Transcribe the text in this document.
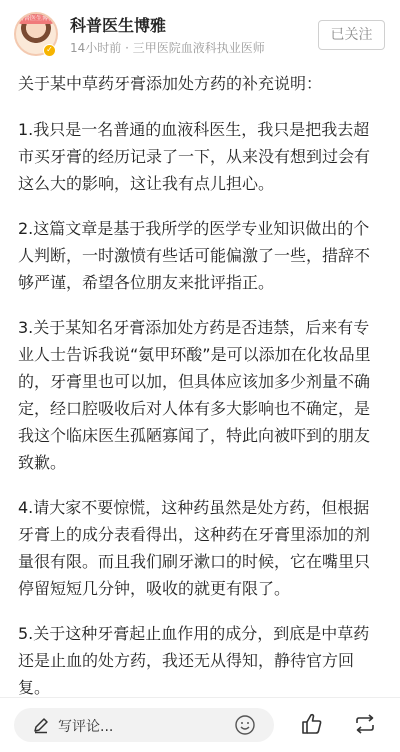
科普医生博雅
✓
科普医生博雅
14小时前 · 三甲医院血液科执业医师
已关注

关于某中草药牙膏添加处方药的补充说明：

1.我只是一名普通的血液科医生，我只是把我去超市买牙膏的经历记录了一下，从来没有想到过会有这么大的影响，这让我有点儿担心。

2.这篇文章是基于我所学的医学专业知识做出的个人判断，一时激愤有些话可能偏激了一些，措辞不够严谨，希望各位朋友来批评指正。

3.关于某知名牙膏添加处方药是否违禁，后来有专业人士告诉我说“氨甲环酸”是可以添加在化妆品里的，牙膏里也可以加，但具体应该加多少剂量不确定，经口腔吸收后对人体有多大影响也不确定，是我这个临床医生孤陋寡闻了，特此向被吓到的朋友致歉。

4.请大家不要惊慌，这种药虽然是处方药，但根据牙膏上的成分表看得出，这种药在牙膏里添加的剂量很有限。而且我们刷牙漱口的时候，它在嘴里只停留短短几分钟，吸收的就更有限了。

5.关于这种牙膏起止血作用的成分，到底是中草药还是止血的处方药，我还无从得知，静待官方回复。

写评论...
